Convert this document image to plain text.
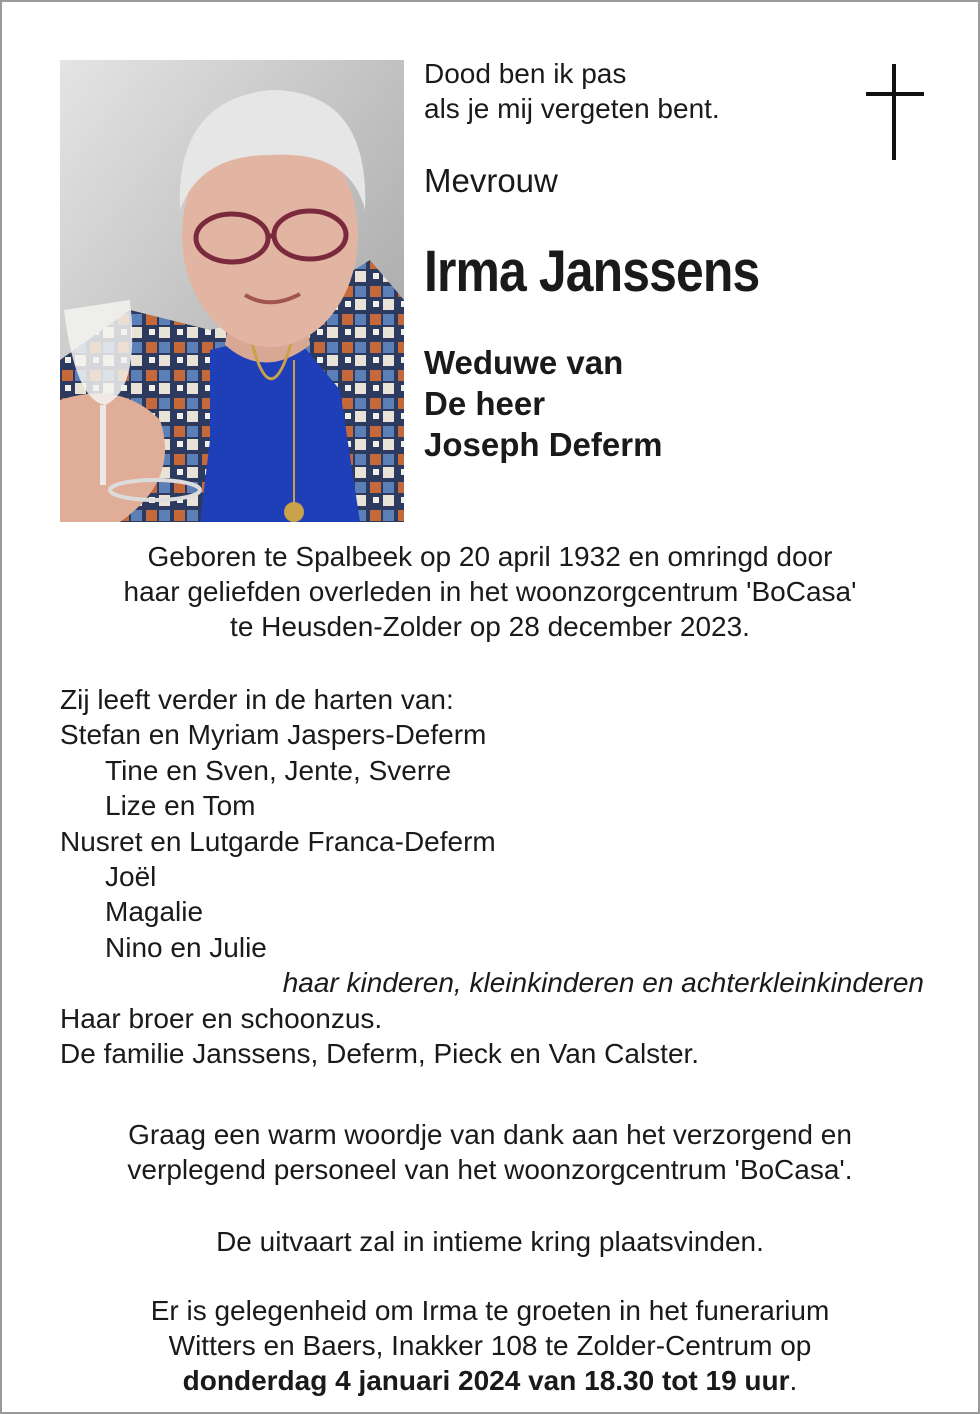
Dood ben ik pas
als je mij vergeten bent.
Mevrouw
Irma Janssens
Weduwe van
De heer
Joseph Deferm
Geboren te Spalbeek op 20 april 1932 en omringd door
haar geliefden overleden in het woonzorgcentrum 'BoCasa'
te Heusden-Zolder op 28 december 2023.
Zij leeft verder in de harten van:
Stefan en Myriam Jaspers-Deferm
Tine en Sven, Jente, Sverre
Lize en Tom
Nusret en Lutgarde Franca-Deferm
Joël
Magalie
Nino en Julie
haar kinderen, kleinkinderen en achterkleinkinderen
Haar broer en schoonzus.
De familie Janssens, Deferm, Pieck en Van Calster.
Graag een warm woordje van dank aan het verzorgend en
verplegend personeel van het woonzorgcentrum 'BoCasa'.
De uitvaart zal in intieme kring plaatsvinden.
Er is gelegenheid om Irma te groeten in het funerarium
Witters en Baers, Inakker 108 te Zolder-Centrum op
donderdag 4 januari 2024 van 18.30 tot 19 uur.
